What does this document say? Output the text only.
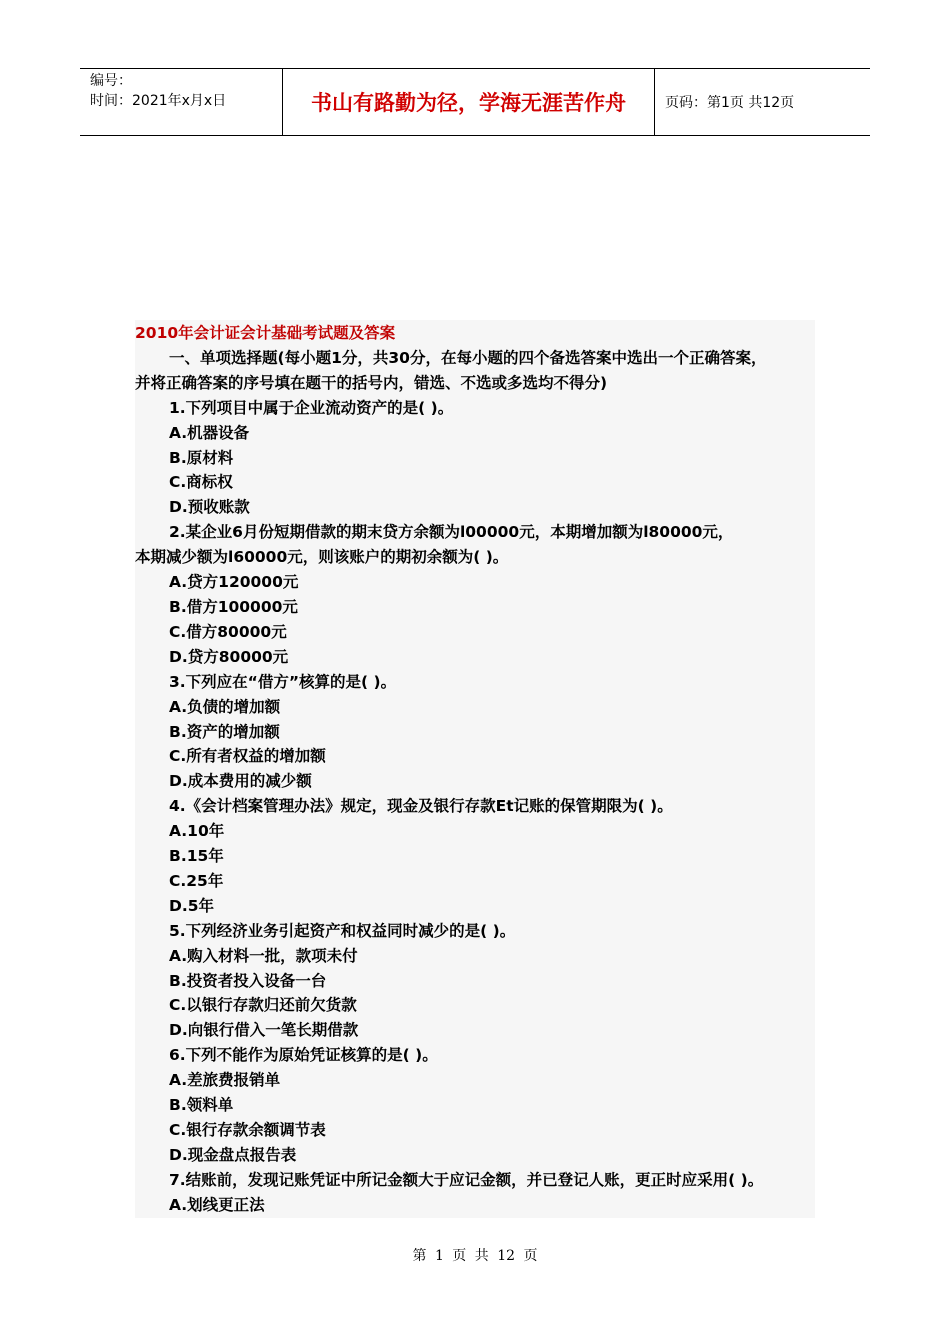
编号：
时间：2021年x月x日	书山有路勤为径，学海无涯苦作舟	页码：第1页 共12页

2010年会计证会计基础考试题及答案

一、单项选择题(每小题1分，共30分，在每小题的四个备选答案中选出一个正确答案，

并将正确答案的序号填在题干的括号内，错选、不选或多选均不得分)

1.下列项目中属于企业流动资产的是( )。

A.机器设备

B.原材料

C.商标权

D.预收账款

2.某企业6月份短期借款的期末贷方余额为l00000元，本期增加额为l80000元，

本期减少额为l60000元，则该账户的期初余额为( )。

A.贷方120000元

B.借方100000元

C.借方80000元

D.贷方80000元

3.下列应在“借方”核算的是( )。

A.负债的增加额

B.资产的增加额

C.所有者权益的增加额

D.成本费用的减少额

4.《会计档案管理办法》规定，现金及银行存款Et记账的保管期限为( )。

A.10年

B.15年

C.25年

D.5年

5.下列经济业务引起资产和权益同时减少的是( )。

A.购入材料一批，款项未付

B.投资者投入设备一台

C.以银行存款归还前欠货款

D.向银行借入一笔长期借款

6.下列不能作为原始凭证核算的是( )。

A.差旅费报销单

B.领料单

C.银行存款余额调节表

D.现金盘点报告表

7.结账前，发现记账凭证中所记金额大于应记金额，并已登记人账，更正时应采用( )。

A.划线更正法

第 1 页 共 12 页
